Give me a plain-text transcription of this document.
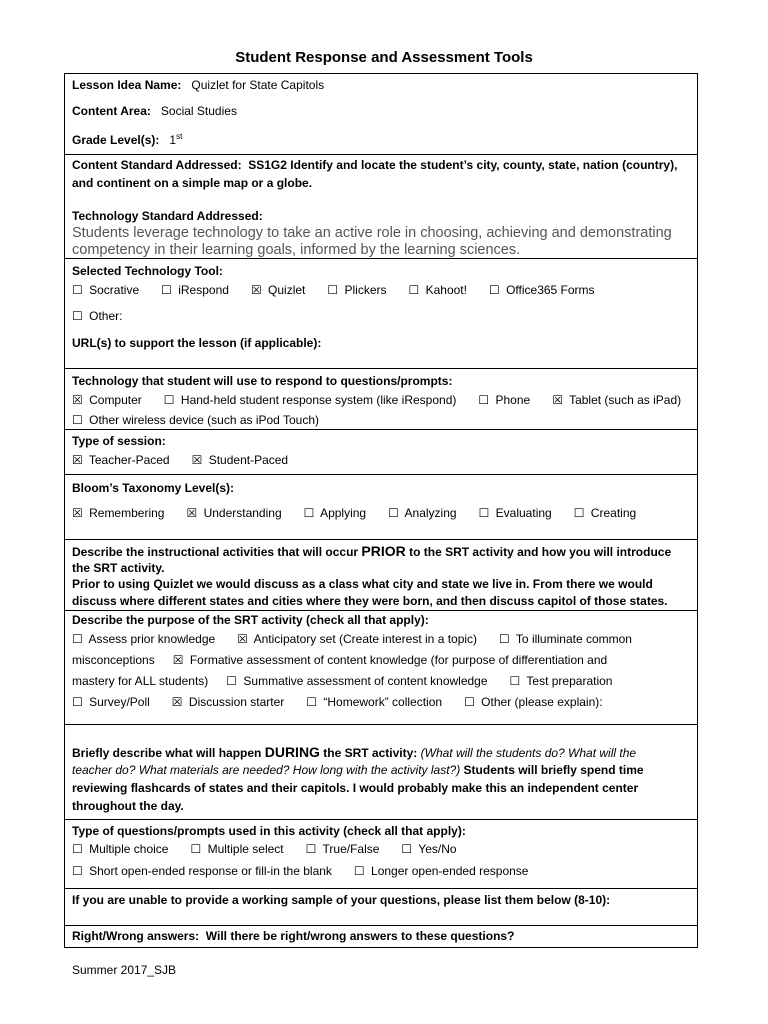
Student Response and Assessment Tools
Lesson Idea Name: Quizlet for State Capitols
Content Area: Social Studies
Grade Level(s): 1st
Content Standard Addressed: SS1G2 Identify and locate the student’s city, county, state, nation (country),
and continent on a simple map or a globe.
Technology Standard Addressed:
Students leverage technology to take an active role in choosing, achieving and demonstrating
competency in their learning goals, informed by the learning sciences.
Selected Technology Tool:
☐ Socrative ☐ iRespond ☒ Quizlet ☐ Plickers ☐ Kahoot! ☐ Office365 Forms
☐ Other:
URL(s) to support the lesson (if applicable):
Technology that student will use to respond to questions/prompts:
☒ Computer ☐ Hand-held student response system (like iRespond) ☐ Phone ☒ Tablet (such as iPad)
☐ Other wireless device (such as iPod Touch)
Type of session:
☒ Teacher-Paced ☒ Student-Paced
Bloom’s Taxonomy Level(s):
☒ Remembering ☒ Understanding ☐ Applying ☐ Analyzing ☐ Evaluating ☐ Creating
Describe the instructional activities that will occur PRIOR to the SRT activity and how you will introduce
the SRT activity.
Prior to using Quizlet we would discuss as a class what city and state we live in. From there we would
discuss where different states and cities where they were born, and then discuss capitol of those states.
Describe the purpose of the SRT activity (check all that apply):
☐ Assess prior knowledge ☒ Anticipatory set (Create interest in a topic) ☐ To illuminate common
misconceptions ☒ Formative assessment of content knowledge (for purpose of differentiation and
mastery for ALL students) ☐ Summative assessment of content knowledge ☐ Test preparation
☐ Survey/Poll ☒ Discussion starter ☐ “Homework” collection ☐ Other (please explain):
Briefly describe what will happen DURING the SRT activity: (What will the students do? What will the
teacher do? What materials are needed? How long with the activity last?) Students will briefly spend time
reviewing flashcards of states and their capitols. I would probably make this an independent center
throughout the day.
Type of questions/prompts used in this activity (check all that apply):
☐ Multiple choice ☐ Multiple select ☐ True/False ☐ Yes/No
☐ Short open-ended response or fill-in the blank ☐ Longer open-ended response
If you are unable to provide a working sample of your questions, please list them below (8-10):
Right/Wrong answers: Will there be right/wrong answers to these questions?
Summer 2017_SJB
